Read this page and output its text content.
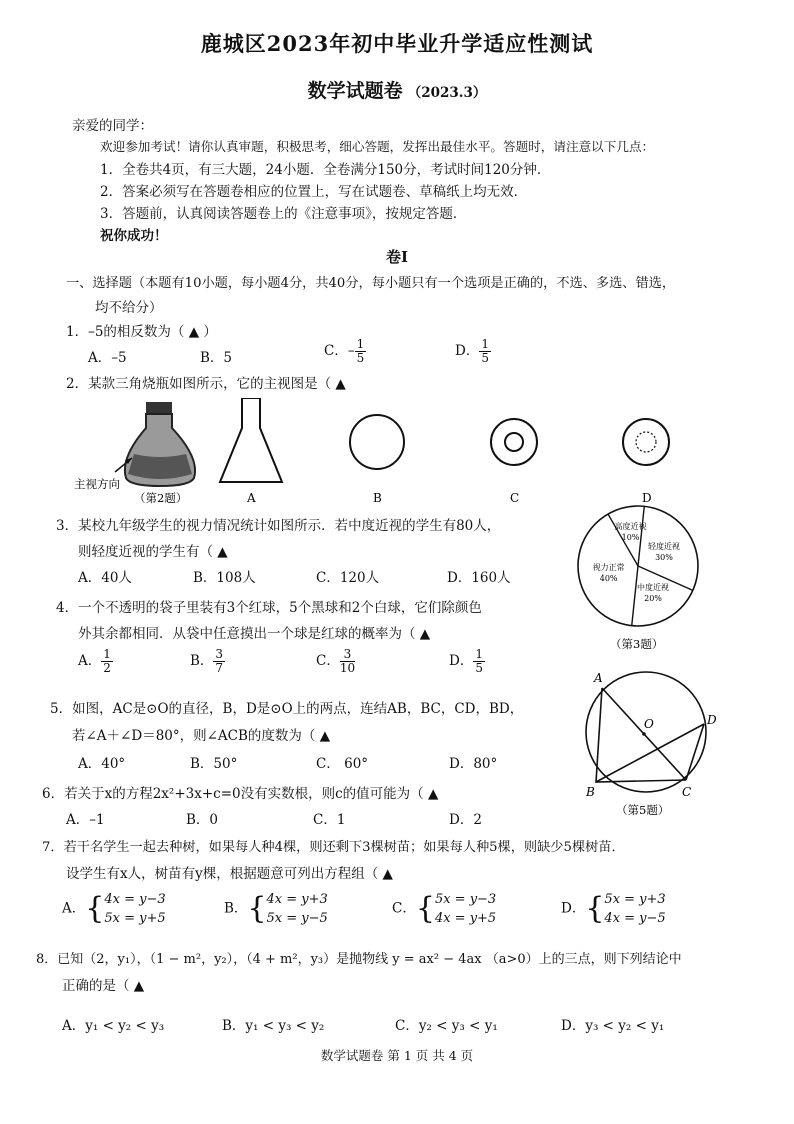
鹿城区2023年初中毕业升学适应性测试
数学试题卷 （2023.3）
亲爱的同学：
欢迎参加考试！请你认真审题，积极思考，细心答题，发挥出最佳水平。答题时，请注意以下几点：
1．全卷共4页，有三大题，24小题．全卷满分150分，考试时间120分钟．
2．答案必须写在答题卷相应的位置上，写在试题卷、草稿纸上均无效．
3．答题前，认真阅读答题卷上的《注意事项》，按规定答题．
祝你成功！
卷Ⅰ
一、选择题（本题有10小题，每小题4分，共40分，每小题只有一个选项是正确的，不选、多选、错选，
均不给分）
1．–5的相反数为（ ▲ ）
A．–5	B．5	C．– $\frac{1}{5}$	D． $\frac{1}{5}$
2．某款三角烧瓶如图所示，它的主视图是（ ▲
主视方向
（第2题）	A	B	C	D
3．某校九年级学生的视力情况统计如图所示．若中度近视的学生有80人，
则轻度近视的学生有（ ▲
A．40人	B．108人	C．120人	D．160人
高度近视
10%
轻度近视
30%
中度近视
20%
视力正常
40%
（第3题）
4．一个不透明的袋子里装有3个红球，5个黑球和2个白球，它们除颜色
外其余都相同．从袋中任意摸出一个球是红球的概率为（ ▲
A． $\frac{1}{2}$	B． $\frac{3}{7}$	C． $\frac{3}{10}$	D． $\frac{1}{5}$
5．如图，AC是⊙O的直径，B，D是⊙O上的两点，连结AB，BC，CD，BD，
若∠A＋∠D＝80°，则∠ACB的度数为（ ▲
A．40°	B．50°	C． 60°	D．80°
A
B	C
D
O
（第5题）
6．若关于x的方程2x²+3x+c=0没有实数根，则c的值可能为（ ▲
A．–1	B．0	C．1	D．2
7．若干名学生一起去种树，如果每人种4棵，则还剩下3棵树苗；如果每人种5棵，则缺少5棵树苗．
设学生有x人，树苗有y棵，根据题意可列出方程组（ ▲
A．{ 4x = y−3
5x = y+5
B．{ 4x = y+3
5x = y−5
C．{ 5x = y−3
4x = y+5
D．{ 5x = y+3
4x = y−5
8．已知（2，y₁），（1 − m²，y₂），（4 + m²，y₃）是抛物线 y = ax² − 4ax （a>0）上的三点，则下列结论中
正确的是（ ▲
A．y₁ < y₂ < y₃	B．y₁ < y₃ < y₂	C．y₂ < y₃ < y₁	D．y₃ < y₂ < y₁
数学试题卷 第 1 页 共 4 页
